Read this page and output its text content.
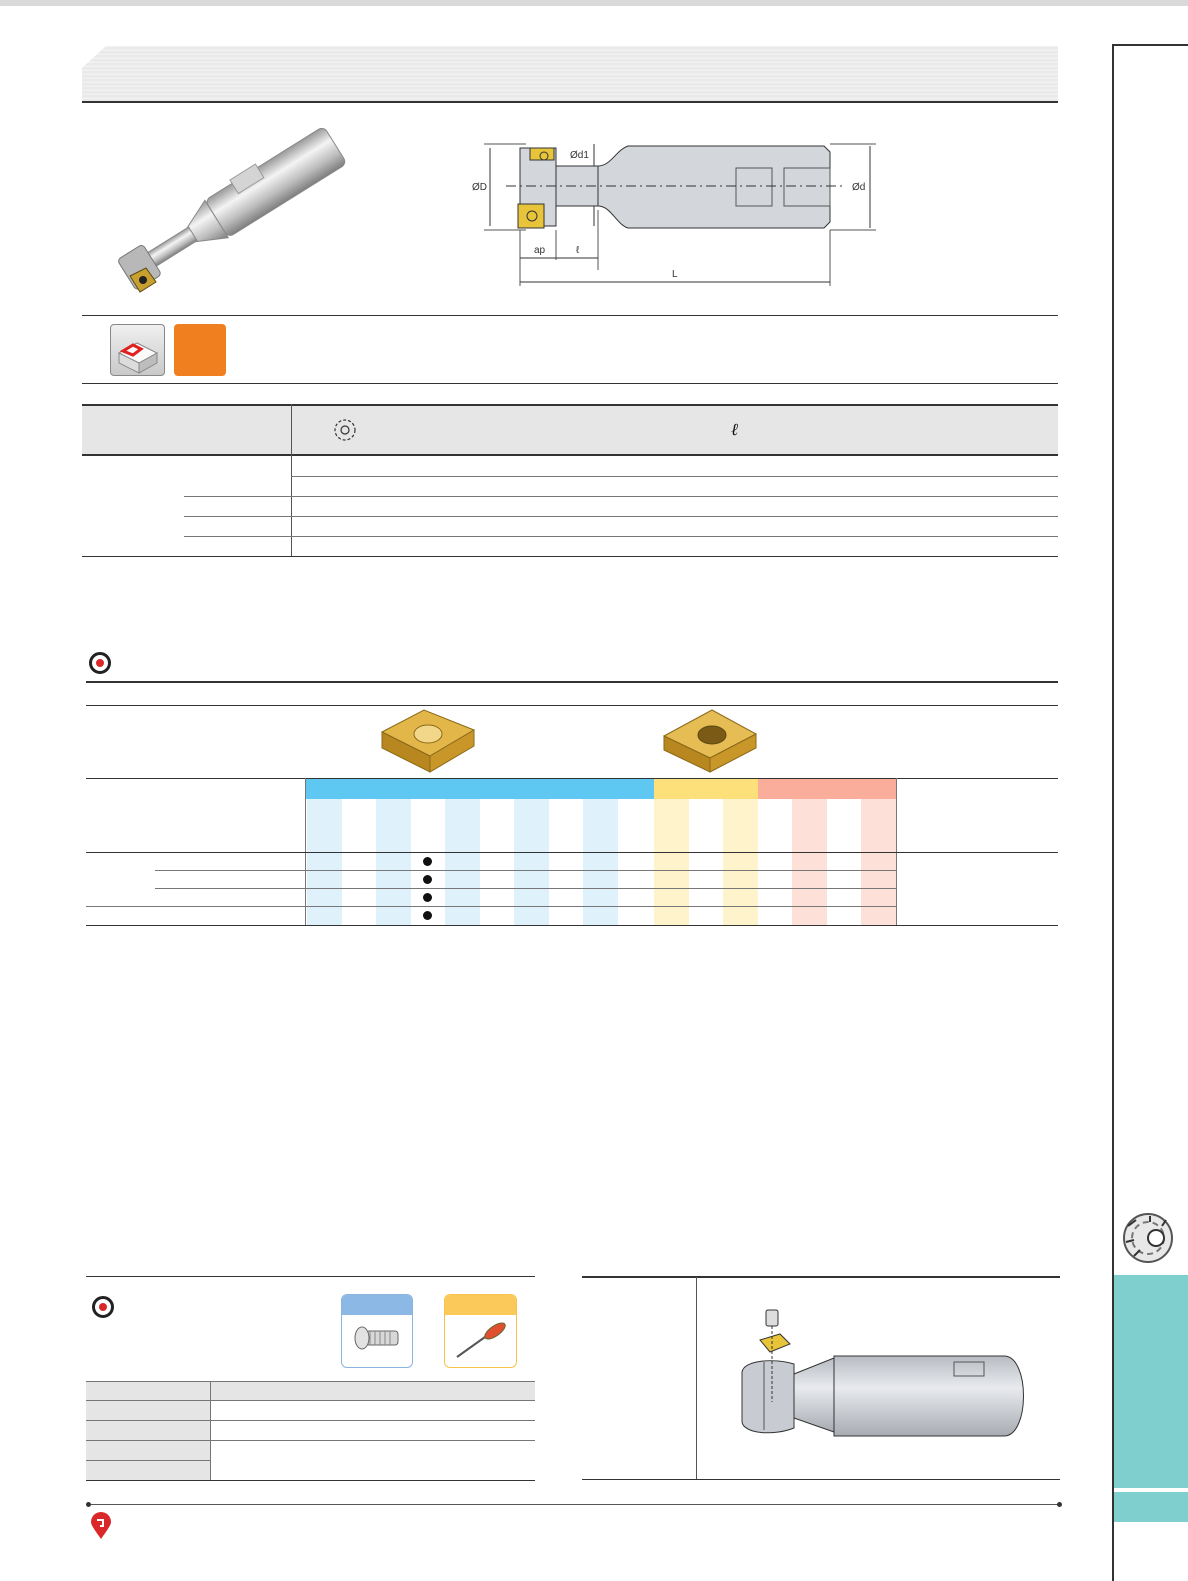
ØD
Ød1
Ød
ap	ℓ
L
ℓ
